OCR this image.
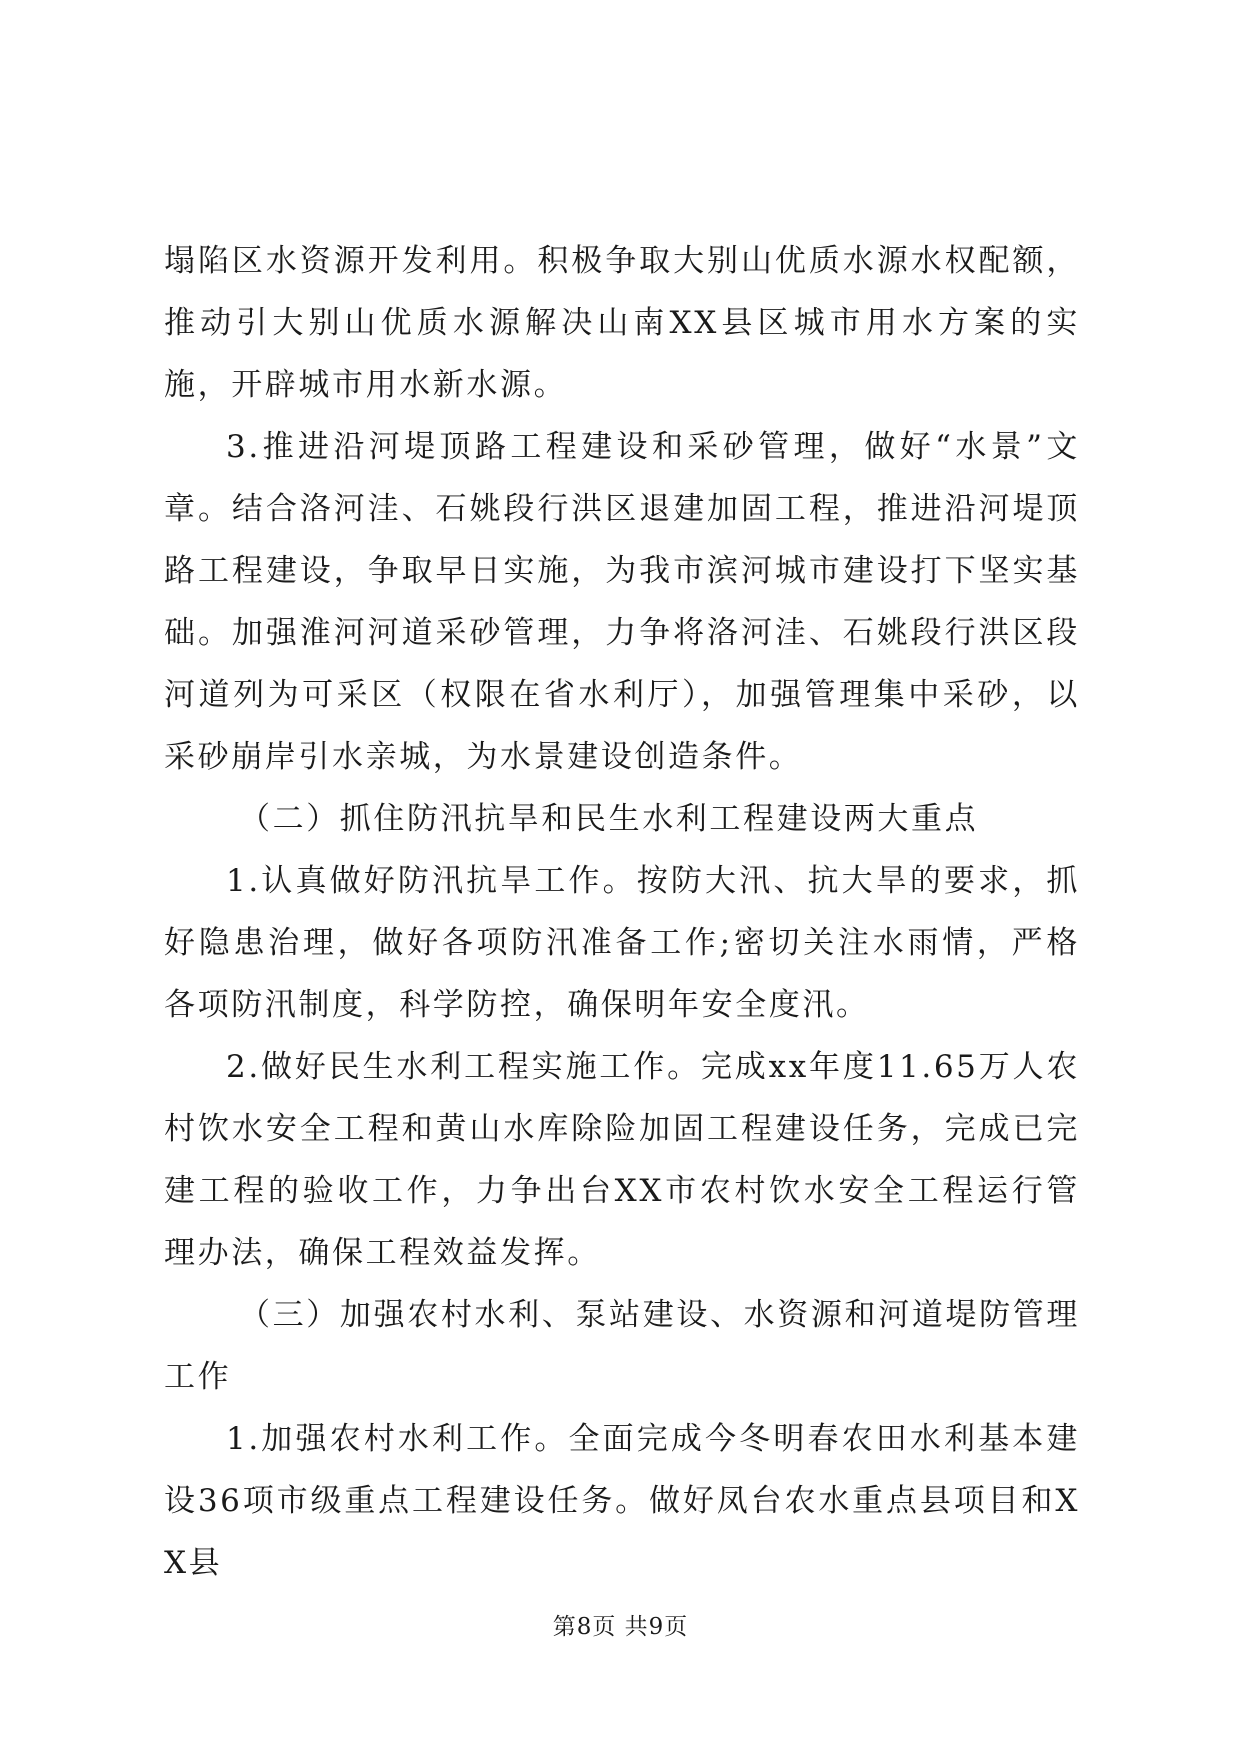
塌陷区水资源开发利用。积极争取大别山优质水源水权配额，推动引大别山优质水源解决山南XX县区城市用水方案的实施，开辟城市用水新水源。

3.推进沿河堤顶路工程建设和采砂管理，做好“水景”文章。结合洛河洼、石姚段行洪区退建加固工程，推进沿河堤顶路工程建设，争取早日实施，为我市滨河城市建设打下坚实基础。加强淮河河道采砂管理，力争将洛河洼、石姚段行洪区段河道列为可采区（权限在省水利厅），加强管理集中采砂，以采砂崩岸引水亲城，为水景建设创造条件。

（二）抓住防汛抗旱和民生水利工程建设两大重点

1.认真做好防汛抗旱工作。按防大汛、抗大旱的要求，抓好隐患治理，做好各项防汛准备工作;密切关注水雨情，严格各项防汛制度，科学防控，确保明年安全度汛。

2.做好民生水利工程实施工作。完成xx年度11.65万人农村饮水安全工程和黄山水库除险加固工程建设任务，完成已完建工程的验收工作，力争出台XX市农村饮水安全工程运行管理办法，确保工程效益发挥。

（三）加强农村水利、泵站建设、水资源和河道堤防管理工作

1.加强农村水利工作。全面完成今冬明春农田水利基本建设36项市级重点工程建设任务。做好凤台农水重点县项目和XX县

第8页 共9页
